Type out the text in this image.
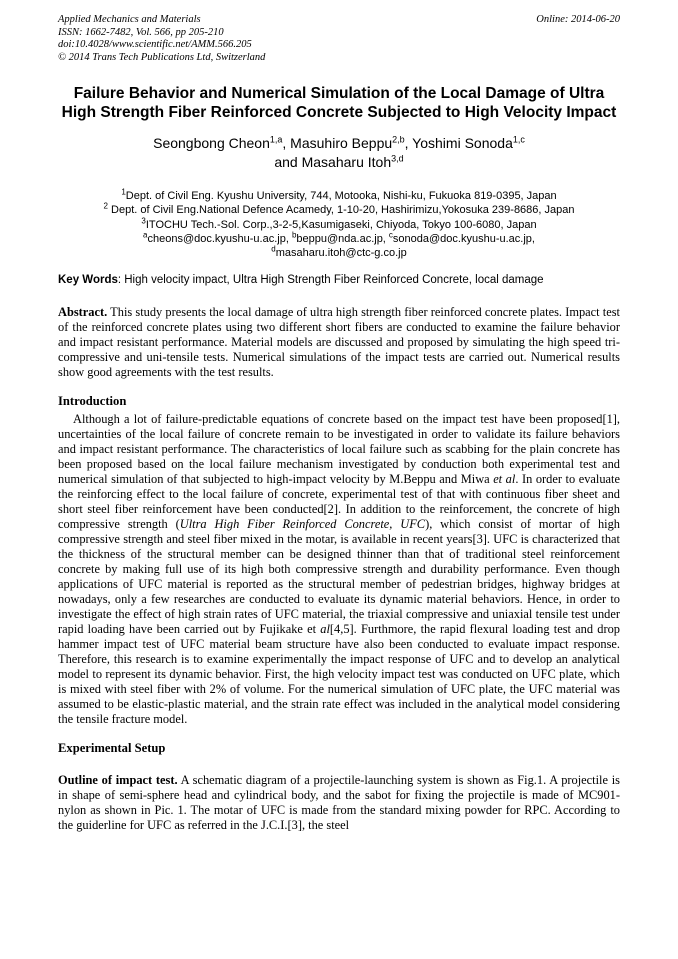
Applied Mechanics and Materials
ISSN: 1662-7482, Vol. 566, pp 205-210
doi:10.4028/www.scientific.net/AMM.566.205
© 2014 Trans Tech Publications Ltd, Switzerland
Online: 2014-06-20
Failure Behavior and Numerical Simulation of the Local Damage of Ultra High Strength Fiber Reinforced Concrete Subjected to High Velocity Impact
Seongbong Cheon$^{1,a}$, Masuhiro Beppu$^{2,b}$, Yoshimi Sonoda$^{1,c}$
and Masaharu Itoh$^{3,d}$
$^1$Dept. of Civil Eng. Kyushu University, 744, Motooka, Nishi-ku, Fukuoka 819-0395, Japan
$^2$ Dept. of Civil Eng.National Defence Acamedy, 1-10-20, Hashirimizu,Yokosuka 239-8686, Japan
$^3$ITOCHU Tech.-Sol. Corp.,3-2-5,Kasumigaseki, Chiyoda, Tokyo 100-6080, Japan
$^a$cheons@doc.kyushu-u.ac.jp, $^b$beppu@nda.ac.jp, $^c$sonoda@doc.kyushu-u.ac.jp,
$^d$masaharu.itoh@ctc-g.co.jp
Key Words: High velocity impact, Ultra High Strength Fiber Reinforced Concrete, local damage

Abstract. This study presents the local damage of ultra high strength fiber reinforced concrete plates. Impact test of the reinforced concrete plates using two different short fibers are conducted to examine the failure behavior and impact resistant performance. Material models are discussed and proposed by simulating the high speed tri-compressive and uni-tensile tests. Numerical simulations of the impact tests are carried out. Numerical results show good agreements with the test results.

Introduction

Although a lot of failure-predictable equations of concrete based on the impact test have been proposed[1], uncertainties of the local failure of concrete remain to be investigated in order to validate its failure behaviors and impact resistant performance. The characteristics of local failure such as scabbing for the plain concrete has been proposed based on the local failure mechanism investigated by conduction both experimental test and numerical simulation of that subjected to high-impact velocity by M.Beppu and Miwa et al. In order to evaluate the reinforcing effect to the local failure of concrete, experimental test of that with continuous fiber sheet and short steel fiber reinforcement have been conducted[2]. In addition to the reinforcement, the concrete of high compressive strength (Ultra High Fiber Reinforced Concrete, UFC), which consist of mortar of high compressive strength and steel fiber mixed in the motar, is available in recent years[3]. UFC is characterized that the thickness of the structural member can be designed thinner than that of traditional steel reinforcement concrete by making full use of its high both compressive strength and durability performance. Even though applications of UFC material is reported as the structural member of pedestrian bridges, highway bridges at nowadays, only a few researches are conducted to evaluate its dynamic material behaviors. Hence, in order to investigate the effect of high strain rates of UFC material, the triaxial compressive and uniaxial tensile test under rapid loading have been carried out by Fujikake et al[4,5]. Furthmore, the rapid flexural loading test and drop hammer impact test of UFC material beam structure have also been conducted to evaluate impact response. Therefore, this research is to examine experimentally the impact response of UFC and to develop an analytical model to represent its dynamic behavior. First, the high velocity impact test was conducted on UFC plate, which is mixed with steel fiber with 2% of volume. For the numerical simulation of UFC plate, the UFC material was assumed to be elastic-plastic material, and the strain rate effect was included in the analytical model considering the tensile fracture model.

Experimental Setup

Outline of impact test. A schematic diagram of a projectile-launching system is shown as Fig.1. A projectile is in shape of semi-sphere head and cylindrical body, and the sabot for fixing the projectile is made of MC901-nylon as shown in Pic. 1. The motar of UFC is made from the standard mixing powder for RPC. According to the guiderline for UFC as referred in the J.C.I.[3], the steel
